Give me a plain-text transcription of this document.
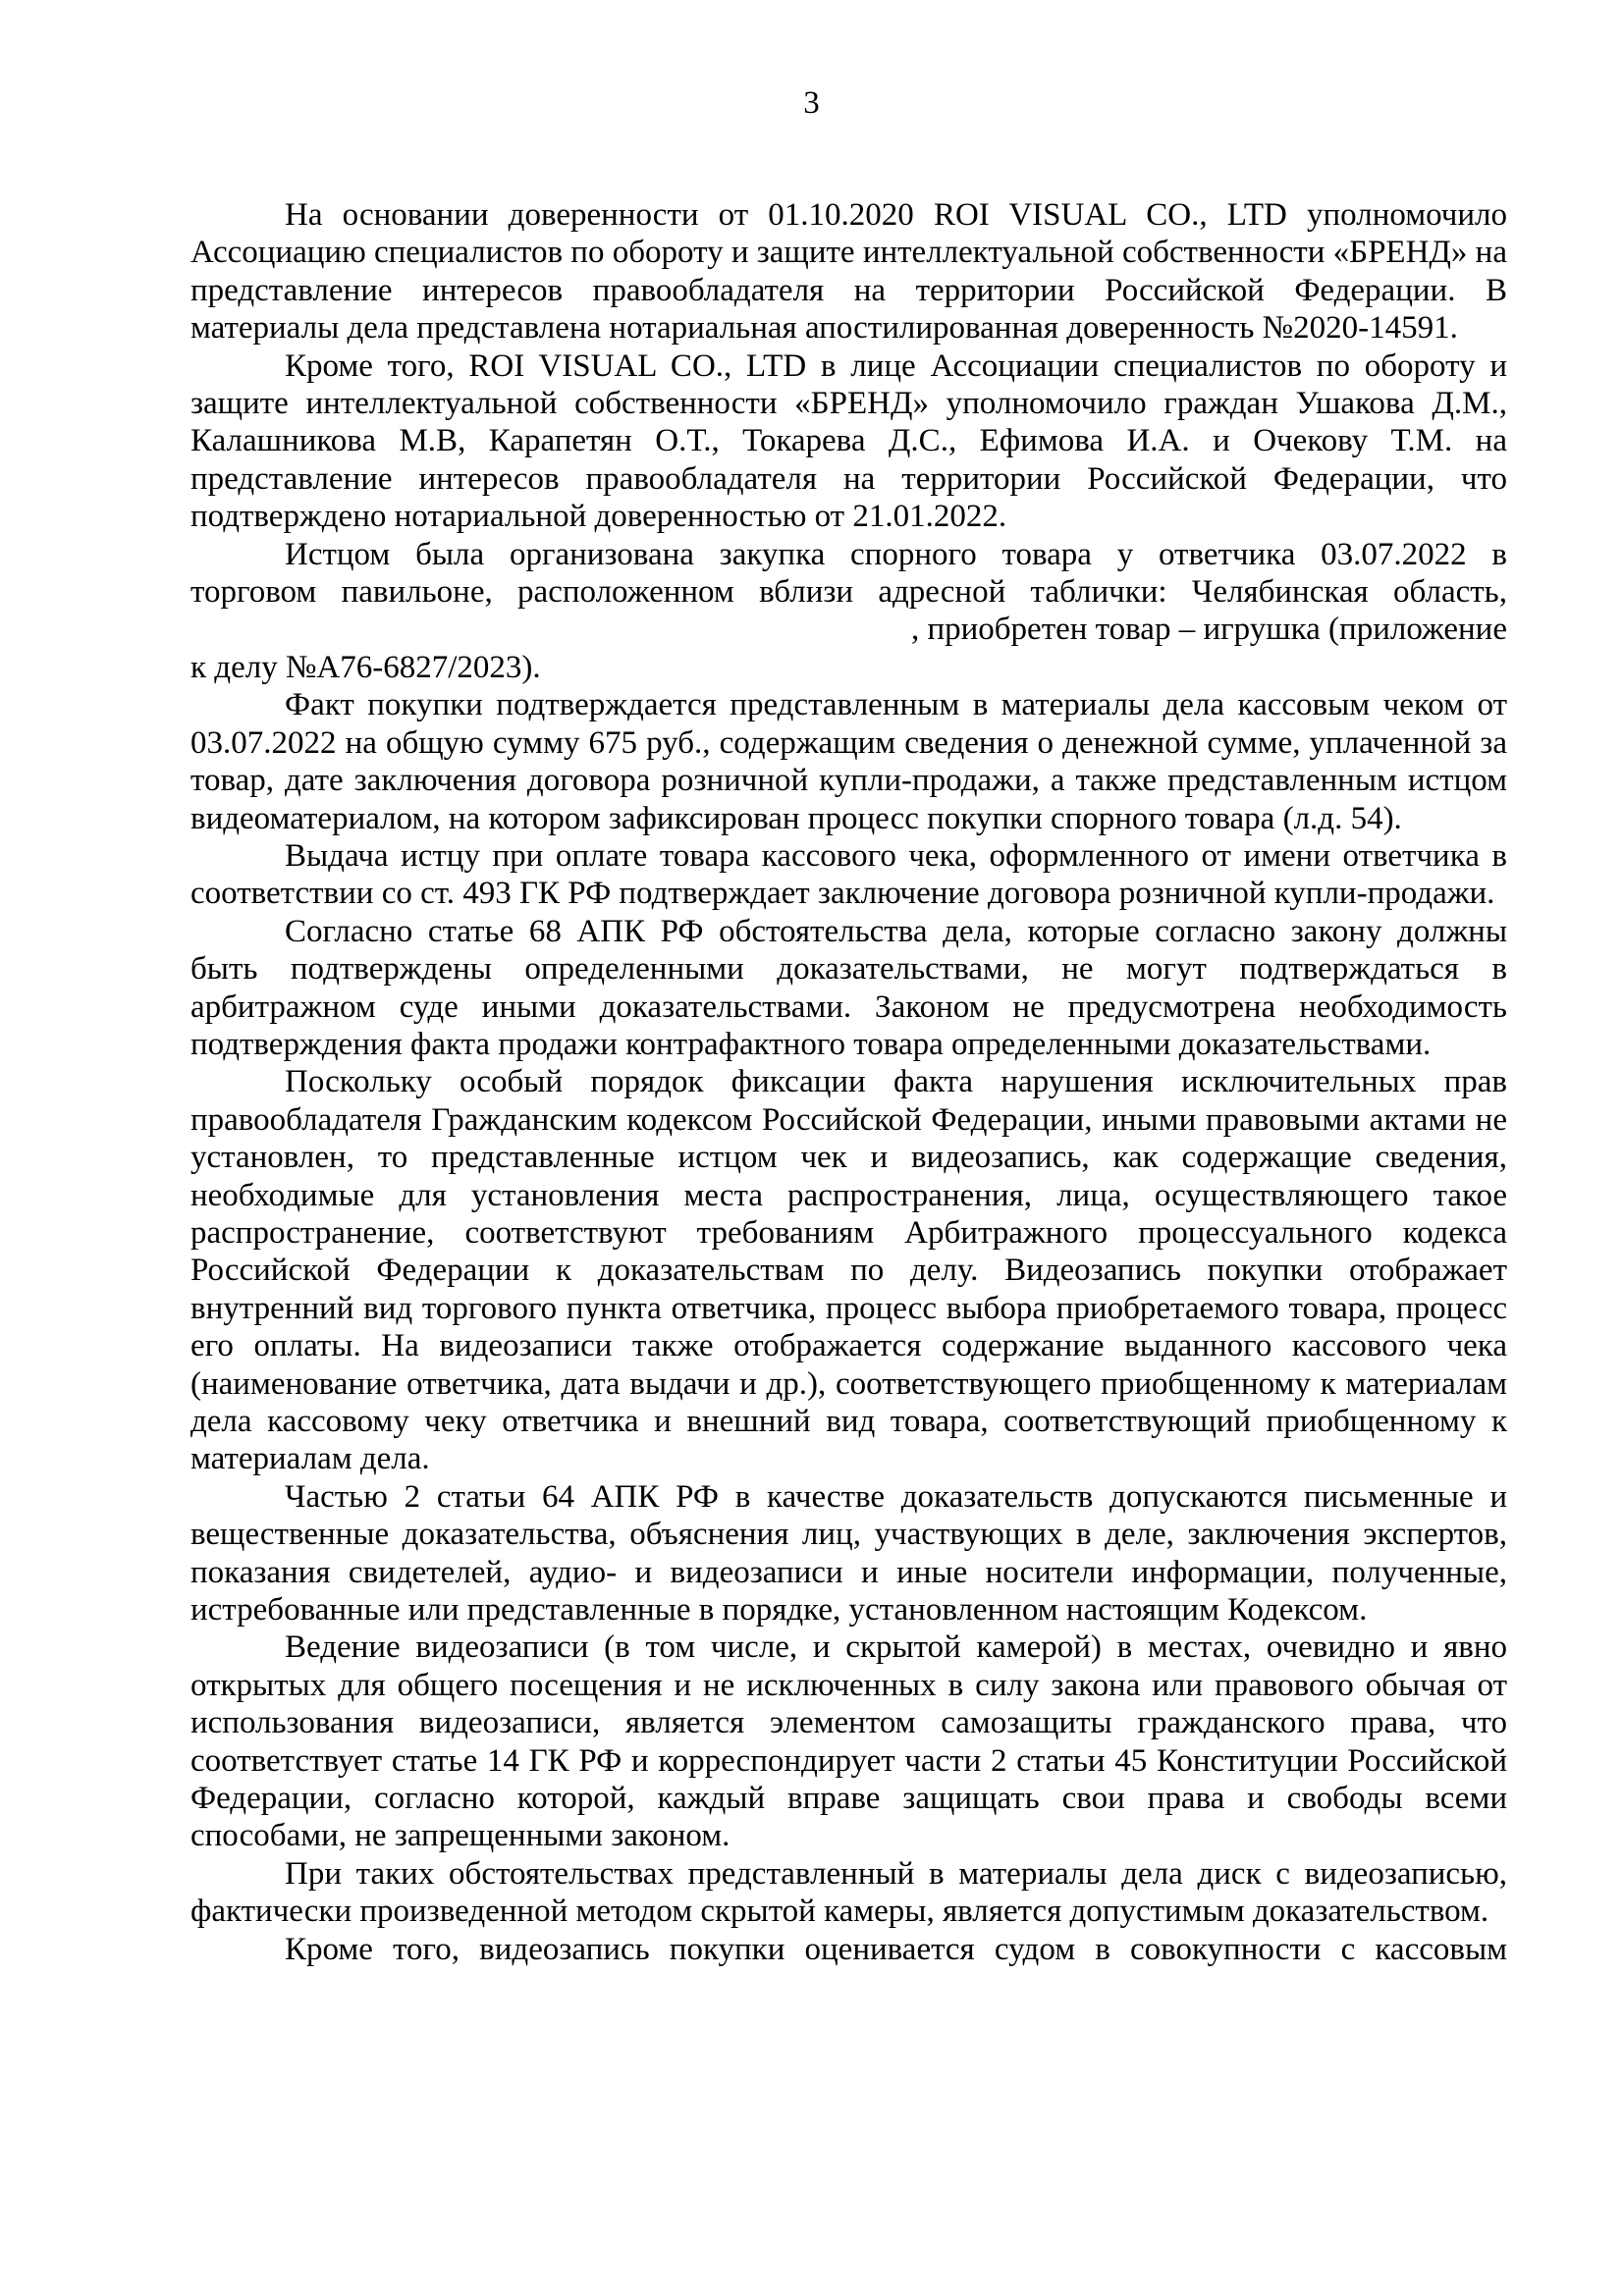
3

На основании доверенности от 01.10.2020 ROI VISUAL CO., LTD уполномочило Ассоциацию специалистов по обороту и защите интеллектуальной собственности «БРЕНД» на представление интересов правообладателя на территории Российской Федерации. В материалы дела представлена нотариальная апостилированная доверенность №2020-14591.

Кроме того, ROI VISUAL CO., LTD в лице Ассоциации специалистов по обороту и защите интеллектуальной собственности «БРЕНД» уполномочило граждан Ушакова Д.М., Калашникова М.В, Карапетян О.Т., Токарева Д.С., Ефимова И.А. и Очекову Т.М. на представление интересов правообладателя на территории Российской Федерации, что подтверждено нотариальной доверенностью от 21.01.2022.

Истцом была организована закупка спорного товара у ответчика 03.07.2022 в
торговом павильоне, расположенном вблизи адресной таблички: Челябинская область,
, приобретен товар – игрушка (приложение
к делу №А76-6827/2023).

Факт покупки подтверждается представленным в материалы дела кассовым чеком от 03.07.2022 на общую сумму 675 руб., содержащим сведения о денежной сумме, уплаченной за товар, дате заключения договора розничной купли-продажи, а также представленным истцом видеоматериалом, на котором зафиксирован процесс покупки спорного товара (л.д. 54).

Выдача истцу при оплате товара кассового чека, оформленного от имени ответчика в соответствии со ст. 493 ГК РФ подтверждает заключение договора розничной купли-продажи.

Согласно статье 68 АПК РФ обстоятельства дела, которые согласно закону должны быть подтверждены определенными доказательствами, не могут подтверждаться в арбитражном суде иными доказательствами. Законом не предусмотрена необходимость подтверждения факта продажи контрафактного товара определенными доказательствами.

Поскольку особый порядок фиксации факта нарушения исключительных прав правообладателя Гражданским кодексом Российской Федерации, иными правовыми актами не установлен, то представленные истцом чек и видеозапись, как содержащие сведения, необходимые для установления места распространения, лица, осуществляющего такое распространение, соответствуют требованиям Арбитражного процессуального кодекса Российской Федерации к доказательствам по делу. Видеозапись покупки отображает внутренний вид торгового пункта ответчика, процесс выбора приобретаемого товара, процесс его оплаты. На видеозаписи также отображается содержание выданного кассового чека (наименование ответчика, дата выдачи и др.), соответствующего приобщенному к материалам дела кассовому чеку ответчика и внешний вид товара, соответствующий приобщенному к материалам дела.

Частью 2 статьи 64 АПК РФ в качестве доказательств допускаются письменные и вещественные доказательства, объяснения лиц, участвующих в деле, заключения экспертов, показания свидетелей, аудио- и видеозаписи и иные носители информации, полученные, истребованные или представленные в порядке, установленном настоящим Кодексом.

Ведение видеозаписи (в том числе, и скрытой камерой) в местах, очевидно и явно открытых для общего посещения и не исключенных в силу закона или правового обычая от использования видеозаписи, является элементом самозащиты гражданского права, что соответствует статье 14 ГК РФ и корреспондирует части 2 статьи 45 Конституции Российской Федерации, согласно которой, каждый вправе защищать свои права и свободы всеми способами, не запрещенными законом.

При таких обстоятельствах представленный в материалы дела диск с видеозаписью, фактически произведенной методом скрытой камеры, является допустимым доказательством.

Кроме того, видеозапись покупки оценивается судом в совокупности с кассовым
